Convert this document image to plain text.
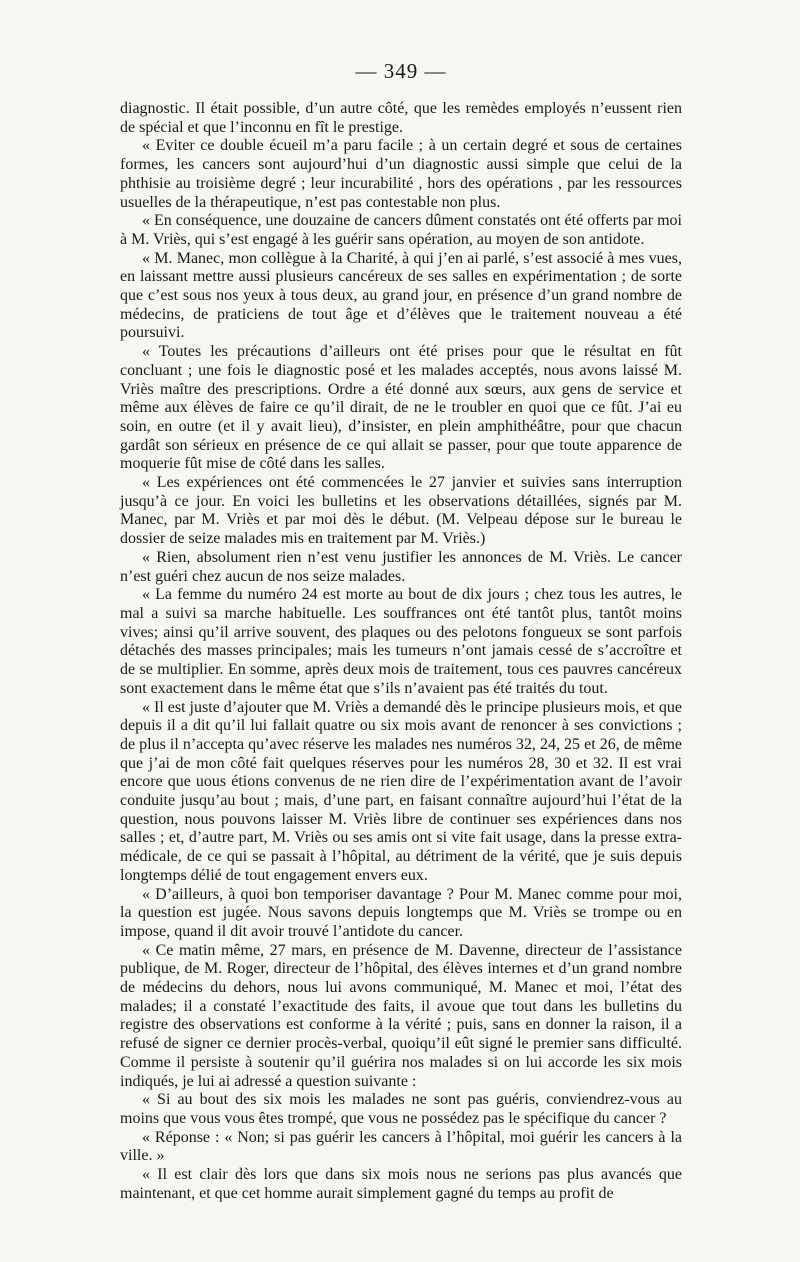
— 349 —

diagnostic. Il était possible, d’un autre côté, que les remèdes employés n’eussent rien de spécial et que l’inconnu en fît le prestige.

« Eviter ce double écueil m’a paru facile ; à un certain degré et sous de certaines formes, les cancers sont aujourd’hui d’un diagnostic aussi simple que celui de la phthisie au troisième degré ; leur incurabilité , hors des opérations , par les ressources usuelles de la thérapeutique, n’est pas contestable non plus.

« En conséquence, une douzaine de cancers dûment constatés ont été offerts par moi à M. Vriès, qui s’est engagé à les guérir sans opération, au moyen de son antidote.

« M. Manec, mon collègue à la Charité, à qui j’en ai parlé, s’est associé à mes vues, en laissant mettre aussi plusieurs cancéreux de ses salles en expérimentation ; de sorte que c’est sous nos yeux à tous deux, au grand jour, en présence d’un grand nombre de médecins, de praticiens de tout âge et d’élèves que le traitement nouveau a été poursuivi.

« Toutes les précautions d’ailleurs ont été prises pour que le résultat en fût concluant ; une fois le diagnostic posé et les malades acceptés, nous avons laissé M. Vriès maître des prescriptions. Ordre a été donné aux sœurs, aux gens de service et même aux élèves de faire ce qu’il dirait, de ne le troubler en quoi que ce fût. J’ai eu soin, en outre (et il y avait lieu), d’insister, en plein amphithéâtre, pour que chacun gardât son sérieux en présence de ce qui allait se passer, pour que toute apparence de moquerie fût mise de côté dans les salles.

« Les expériences ont été commencées le 27 janvier et suivies sans interruption jusqu’à ce jour. En voici les bulletins et les observations détaillées, signés par M. Manec, par M. Vriès et par moi dès le début. (M. Velpeau dépose sur le bureau le dossier de seize malades mis en traitement par M. Vriès.)

« Rien, absolument rien n’est venu justifier les annonces de M. Vriès. Le cancer n’est guéri chez aucun de nos seize malades.

« La femme du numéro 24 est morte au bout de dix jours ; chez tous les autres, le mal a suivi sa marche habituelle. Les souffrances ont été tantôt plus, tantôt moins vives; ainsi qu’il arrive souvent, des plaques ou des pelotons fongueux se sont parfois détachés des masses principales; mais les tumeurs n’ont jamais cessé de s’accroître et de se multiplier. En somme, après deux mois de traitement, tous ces pauvres cancéreux sont exactement dans le même état que s’ils n’avaient pas été traités du tout.

« Il est juste d’ajouter que M. Vriès a demandé dès le principe plusieurs mois, et que depuis il a dit qu’il lui fallait quatre ou six mois avant de renoncer à ses convictions ; de plus il n’accepta qu’avec réserve les malades nes numéros 32, 24, 25 et 26, de même que j’ai de mon côté fait quelques réserves pour les numéros 28, 30 et 32. Il est vrai encore que uous étions convenus de ne rien dire de l’expérimentation avant de l’avoir conduite jusqu’au bout ; mais, d’une part, en faisant connaître aujourd’hui l’état de la question, nous pouvons laisser M. Vriès libre de continuer ses expériences dans nos salles ; et, d’autre part, M. Vriès ou ses amis ont si vite fait usage, dans la presse extra-médicale, de ce qui se passait à l’hôpital, au détriment de la vérité, que je suis depuis longtemps délié de tout engagement envers eux.

« D’ailleurs, à quoi bon temporiser davantage ? Pour M. Manec comme pour moi, la question est jugée. Nous savons depuis longtemps que M. Vriès se trompe ou en impose, quand il dit avoir trouvé l’antidote du cancer.

« Ce matin même, 27 mars, en présence de M. Davenne, directeur de l’assistance publique, de M. Roger, directeur de l’hôpital, des élèves internes et d’un grand nombre de médecins du dehors, nous lui avons communiqué, M. Manec et moi, l’état des malades; il a constaté l’exactitude des faits, il avoue que tout dans les bulletins du registre des observations est conforme à la vérité ; puis, sans en donner la raison, il a refusé de signer ce dernier procès-verbal, quoiqu’il eût signé le premier sans difficulté. Comme il persiste à soutenir qu’il guérira nos malades si on lui accorde les six mois indiqués, je lui ai adressé a question suivante :

« Si au bout des six mois les malades ne sont pas guéris, conviendrez-vous au moins que vous vous êtes trompé, que vous ne possédez pas le spécifique du cancer ?

« Réponse : « Non; si pas guérir les cancers à l’hôpital, moi guérir les cancers à la ville. »

« Il est clair dès lors que dans six mois nous ne serions pas plus avancés que maintenant, et que cet homme aurait simplement gagné du temps au profit de
